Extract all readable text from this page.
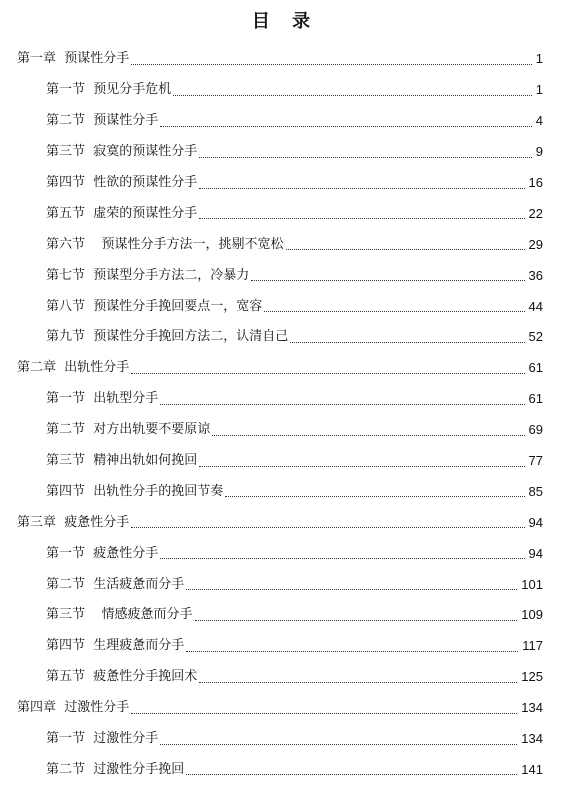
目 录
第一章  预谋性分手	1
第一节  预见分手危机	1
第二节  预谋性分手	4
第三节  寂寞的预谋性分手	9
第四节  性欲的预谋性分手	16
第五节  虚荣的预谋性分手	22
第六节    预谋性分手方法一，挑剔不宽松	29
第七节  预谋型分手方法二，冷暴力	36
第八节  预谋性分手挽回要点一，宽容	44
第九节  预谋性分手挽回方法二，认清自己	52
第二章  出轨性分手	61
第一节  出轨型分手	61
第二节  对方出轨要不要原谅	69
第三节  精神出轨如何挽回	77
第四节  出轨性分手的挽回节奏	85
第三章  疲惫性分手	94
第一节  疲惫性分手	94
第二节  生活疲惫而分手	101
第三节    情感疲惫而分手	109
第四节  生理疲惫而分手	117
第五节  疲惫性分手挽回术	125
第四章  过激性分手	134
第一节  过激性分手	134
第二节  过激性分手挽回	141
